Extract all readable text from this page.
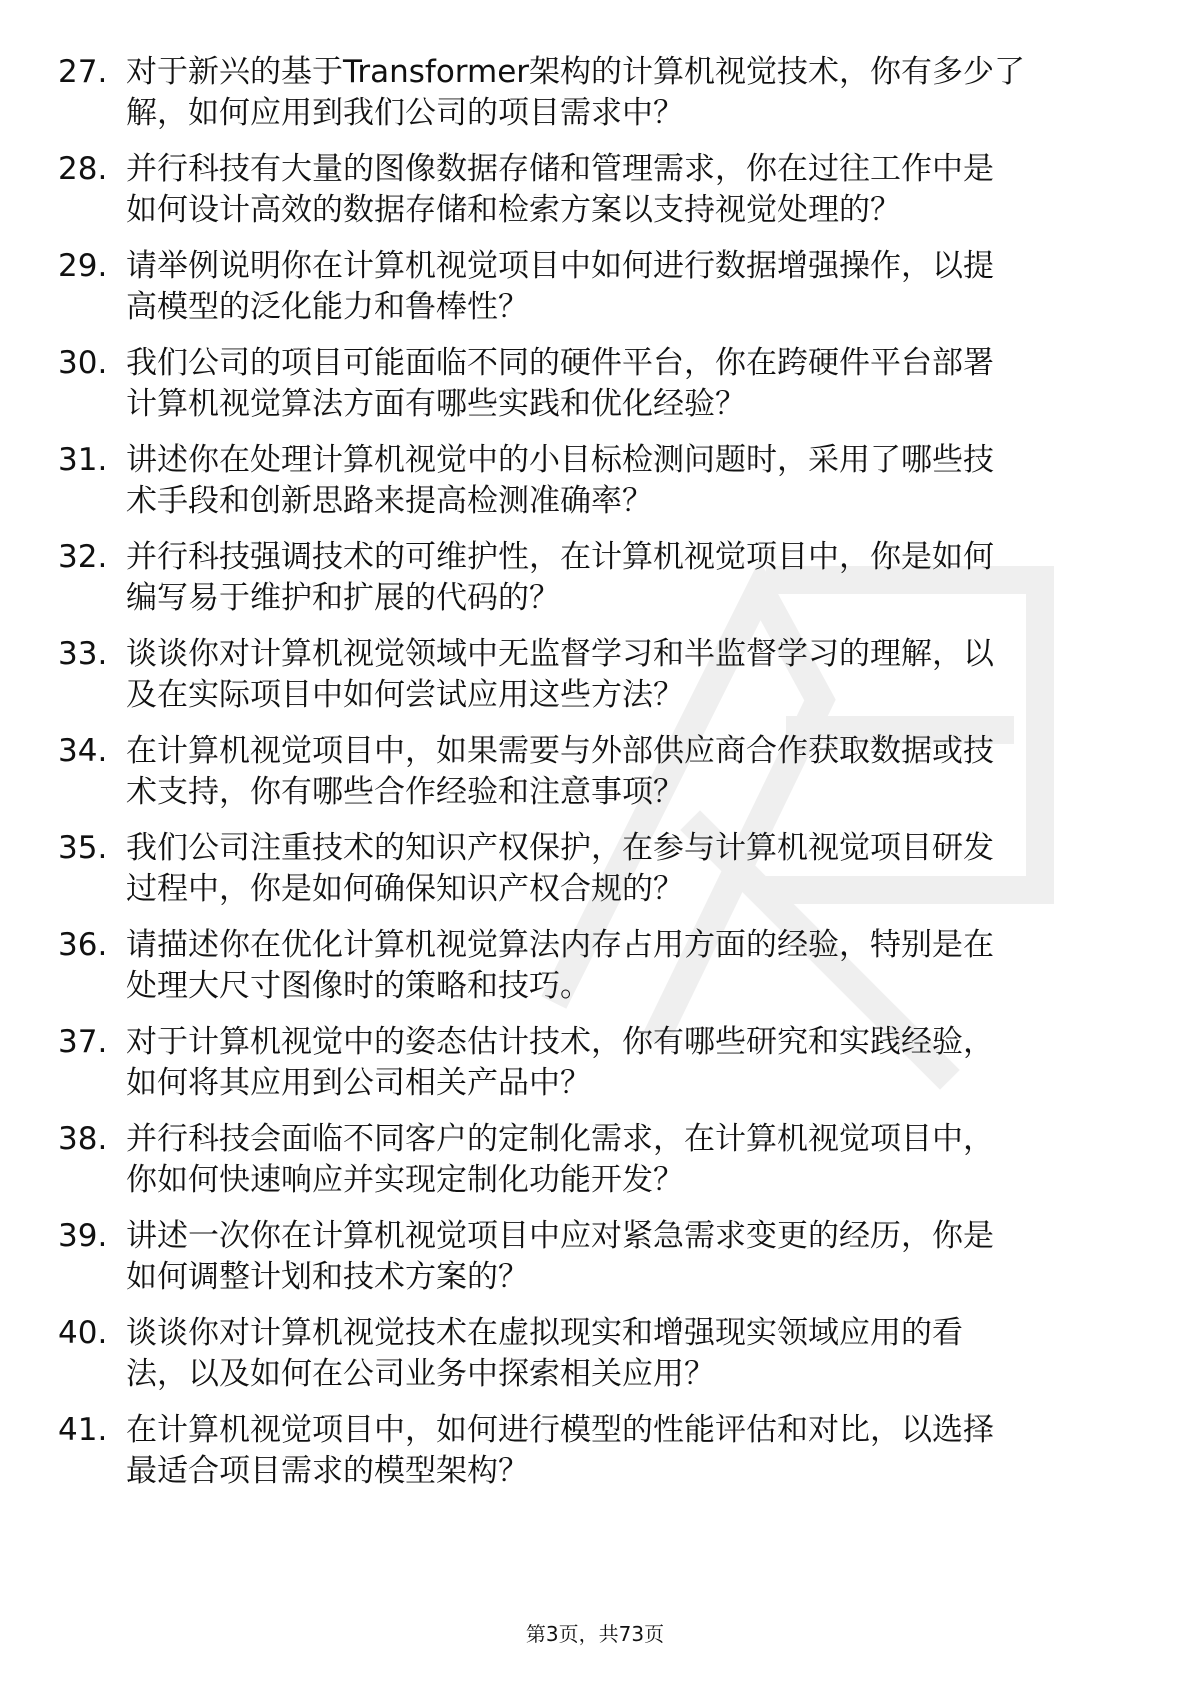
27. 对于新兴的基于Transformer架构的计算机视觉技术，你有多少了
解，如何应用到我们公司的项目需求中？
28. 并行科技有大量的图像数据存储和管理需求，你在过往工作中是
如何设计高效的数据存储和检索方案以支持视觉处理的？
29. 请举例说明你在计算机视觉项目中如何进行数据增强操作，以提
高模型的泛化能力和鲁棒性？
30. 我们公司的项目可能面临不同的硬件平台，你在跨硬件平台部署
计算机视觉算法方面有哪些实践和优化经验？
31. 讲述你在处理计算机视觉中的小目标检测问题时，采用了哪些技
术手段和创新思路来提高检测准确率？
32. 并行科技强调技术的可维护性，在计算机视觉项目中，你是如何
编写易于维护和扩展的代码的？
33. 谈谈你对计算机视觉领域中无监督学习和半监督学习的理解，以
及在实际项目中如何尝试应用这些方法？
34. 在计算机视觉项目中，如果需要与外部供应商合作获取数据或技
术支持，你有哪些合作经验和注意事项？
35. 我们公司注重技术的知识产权保护，在参与计算机视觉项目研发
过程中，你是如何确保知识产权合规的？
36. 请描述你在优化计算机视觉算法内存占用方面的经验，特别是在
处理大尺寸图像时的策略和技巧。
37. 对于计算机视觉中的姿态估计技术，你有哪些研究和实践经验，
如何将其应用到公司相关产品中？
38. 并行科技会面临不同客户的定制化需求，在计算机视觉项目中，
你如何快速响应并实现定制化功能开发？
39. 讲述一次你在计算机视觉项目中应对紧急需求变更的经历，你是
如何调整计划和技术方案的？
40. 谈谈你对计算机视觉技术在虚拟现实和增强现实领域应用的看
法，以及如何在公司业务中探索相关应用？
41. 在计算机视觉项目中，如何进行模型的性能评估和对比，以选择
最适合项目需求的模型架构？
第3页，共73页
